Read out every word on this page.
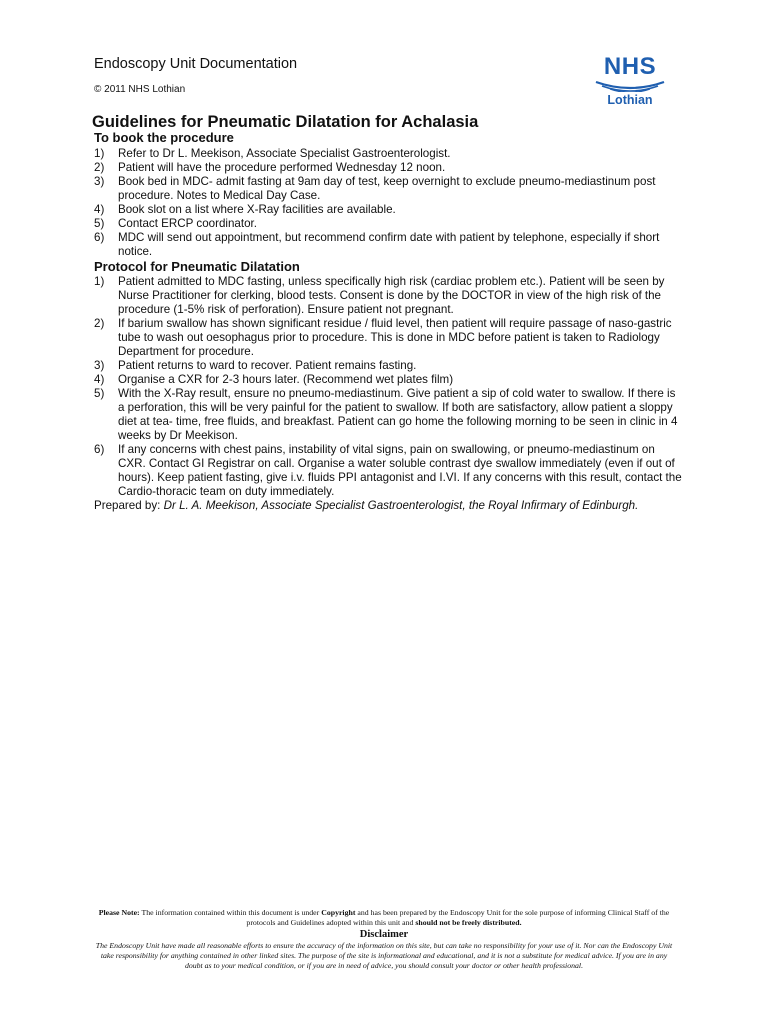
Endoscopy Unit Documentation
© 2011 NHS Lothian
NHS
Lothian
Guidelines for Pneumatic Dilatation for Achalasia
To book the procedure
1) Refer to Dr L. Meekison, Associate Specialist Gastroenterologist.
2) Patient will have the procedure performed Wednesday 12 noon.
3) Book bed in MDC- admit fasting at 9am day of test, keep overnight to exclude pneumo-mediastinum post procedure. Notes to Medical Day Case.
4) Book slot on a list where X-Ray facilities are available.
5) Contact ERCP coordinator.
6) MDC will send out appointment, but recommend confirm date with patient by telephone, especially if short notice.
Protocol for Pneumatic Dilatation
1) Patient admitted to MDC fasting, unless specifically high risk (cardiac problem etc.). Patient will be seen by Nurse Practitioner for clerking, blood tests. Consent is done by the DOCTOR in view of the high risk of the procedure (1-5% risk of perforation). Ensure patient not pregnant.
2) If barium swallow has shown significant residue / fluid level, then patient will require passage of naso-gastric tube to wash out oesophagus prior to procedure. This is done in MDC before patient is taken to Radiology Department for procedure.
3) Patient returns to ward to recover. Patient remains fasting.
4) Organise a CXR for 2-3 hours later. (Recommend wet plates film)
5) With the X-Ray result, ensure no pneumo-mediastinum. Give patient a sip of cold water to swallow. If there is a perforation, this will be very painful for the patient to swallow. If both are satisfactory, allow patient a sloppy diet at tea- time, free fluids, and breakfast. Patient can go home the following morning to be seen in clinic in 4 weeks by Dr Meekison.
6) If any concerns with chest pains, instability of vital signs, pain on swallowing, or pneumo-mediastinum on CXR. Contact GI Registrar on call. Organise a water soluble contrast dye swallow immediately (even if out of hours). Keep patient fasting, give i.v. fluids PPI antagonist and I.VI. If any concerns with this result, contact the Cardio-thoracic team on duty immediately.
Prepared by: Dr L. A. Meekison, Associate Specialist Gastroenterologist, the Royal Infirmary of Edinburgh.

Please Note: The information contained within this document is under Copyright and has been prepared by the Endoscopy Unit for the sole purpose of informing Clinical Staff of the protocols and Guidelines adopted within this unit and should not be freely distributed.

Disclaimer

The Endoscopy Unit have made all reasonable efforts to ensure the accuracy of the information on this site, but can take no responsibility for your use of it. Nor can the Endoscopy Unit take responsibility for anything contained in other linked sites. The purpose of the site is informational and educational, and it is not a substitute for medical advice. If you are in any doubt as to your medical condition, or if you are in need of advice, you should consult your doctor or other health professional.
